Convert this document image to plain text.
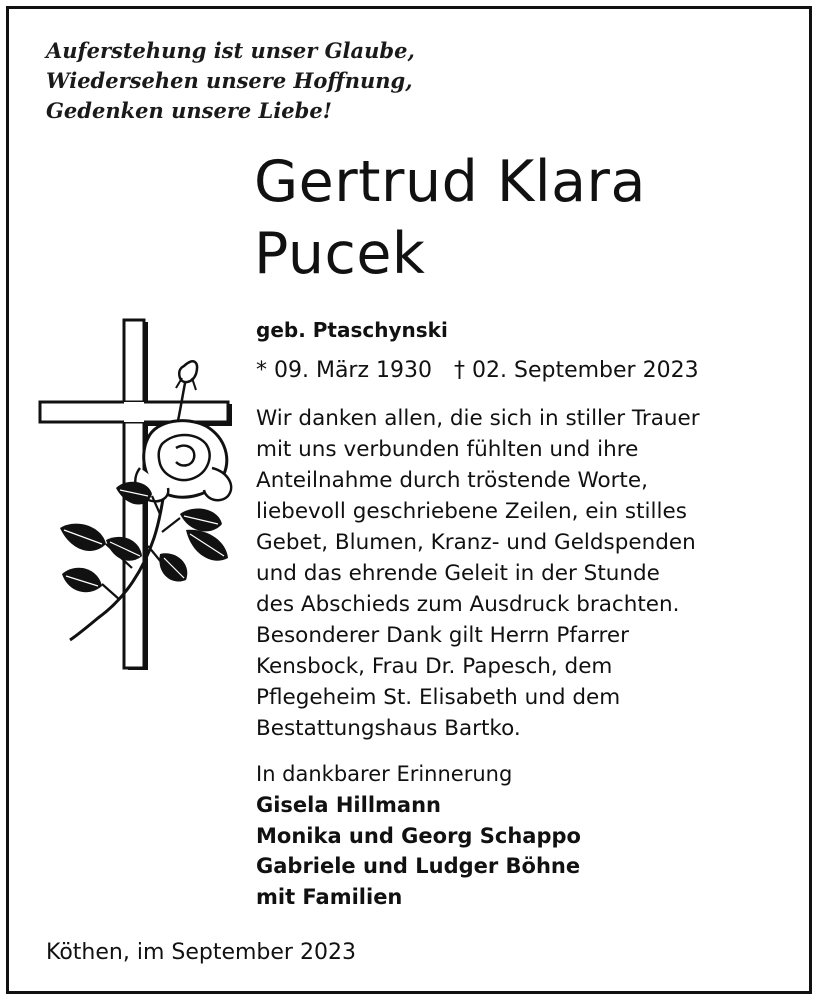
Auferstehung ist unser Glaube,
Wiedersehen unsere Hoffnung,
Gedenken unsere Liebe!
Gertrud Klara
Pucek
geb. Ptaschynski
* 09. März 1930 † 02. September 2023
Wir danken allen, die sich in stiller Trauer
mit uns verbunden fühlten und ihre
Anteilnahme durch tröstende Worte,
liebevoll geschriebene Zeilen, ein stilles
Gebet, Blumen, Kranz- und Geldspenden
und das ehrende Geleit in der Stunde
des Abschieds zum Ausdruck brachten.
Besonderer Dank gilt Herrn Pfarrer
Kensbock, Frau Dr. Papesch, dem
Pflegeheim St. Elisabeth und dem
Bestattungshaus Bartko.
In dankbarer Erinnerung
Gisela Hillmann
Monika und Georg Schappo
Gabriele und Ludger Böhne
mit Familien
Köthen, im September 2023
